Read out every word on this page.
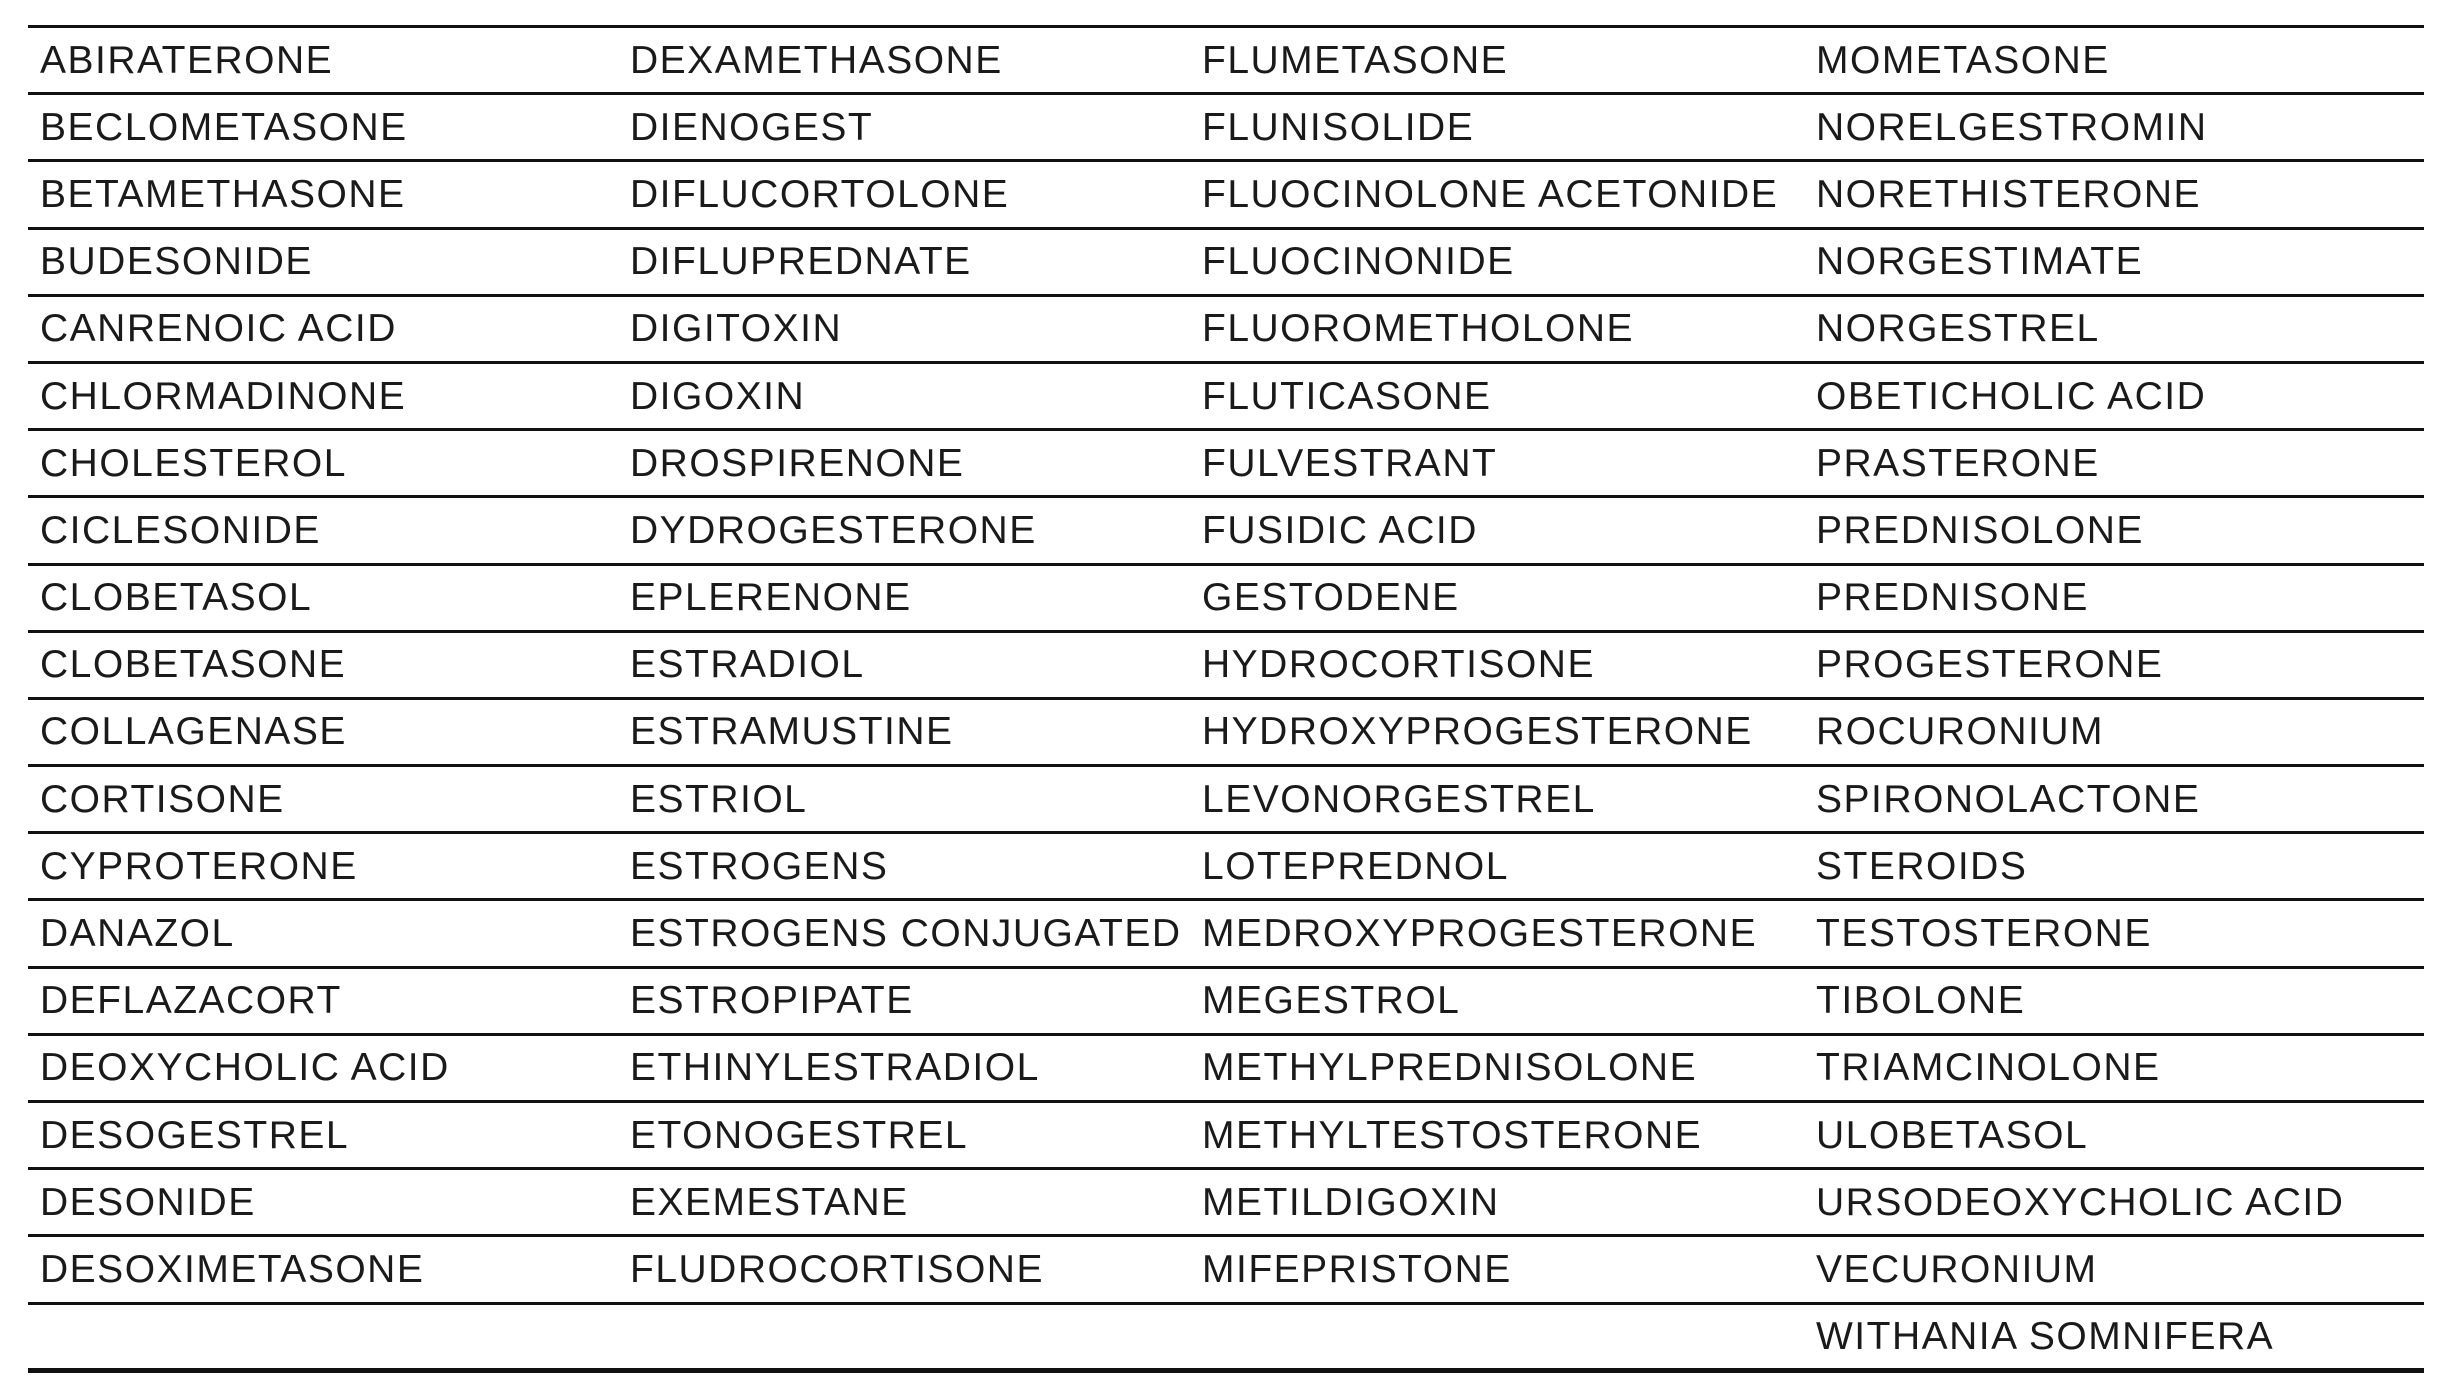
ABIRATERONE	DEXAMETHASONE	FLUMETASONE	MOMETASONE
BECLOMETASONE	DIENOGEST	FLUNISOLIDE	NORELGESTROMIN
BETAMETHASONE	DIFLUCORTOLONE	FLUOCINOLONE ACETONIDE	NORETHISTERONE
BUDESONIDE	DIFLUPREDNATE	FLUOCINONIDE	NORGESTIMATE
CANRENOIC ACID	DIGITOXIN	FLUOROMETHOLONE	NORGESTREL
CHLORMADINONE	DIGOXIN	FLUTICASONE	OBETICHOLIC ACID
CHOLESTEROL	DROSPIRENONE	FULVESTRANT	PRASTERONE
CICLESONIDE	DYDROGESTERONE	FUSIDIC ACID	PREDNISOLONE
CLOBETASOL	EPLERENONE	GESTODENE	PREDNISONE
CLOBETASONE	ESTRADIOL	HYDROCORTISONE	PROGESTERONE
COLLAGENASE	ESTRAMUSTINE	HYDROXYPROGESTERONE	ROCURONIUM
CORTISONE	ESTRIOL	LEVONORGESTREL	SPIRONOLACTONE
CYPROTERONE	ESTROGENS	LOTEPREDNOL	STEROIDS
DANAZOL	ESTROGENS CONJUGATED	MEDROXYPROGESTERONE	TESTOSTERONE
DEFLAZACORT	ESTROPIPATE	MEGESTROL	TIBOLONE
DEOXYCHOLIC ACID	ETHINYLESTRADIOL	METHYLPREDNISOLONE	TRIAMCINOLONE
DESOGESTREL	ETONOGESTREL	METHYLTESTOSTERONE	ULOBETASOL
DESONIDE	EXEMESTANE	METILDIGOXIN	URSODEOXYCHOLIC ACID
DESOXIMETASONE	FLUDROCORTISONE	MIFEPRISTONE	VECURONIUM
			WITHANIA SOMNIFERA
